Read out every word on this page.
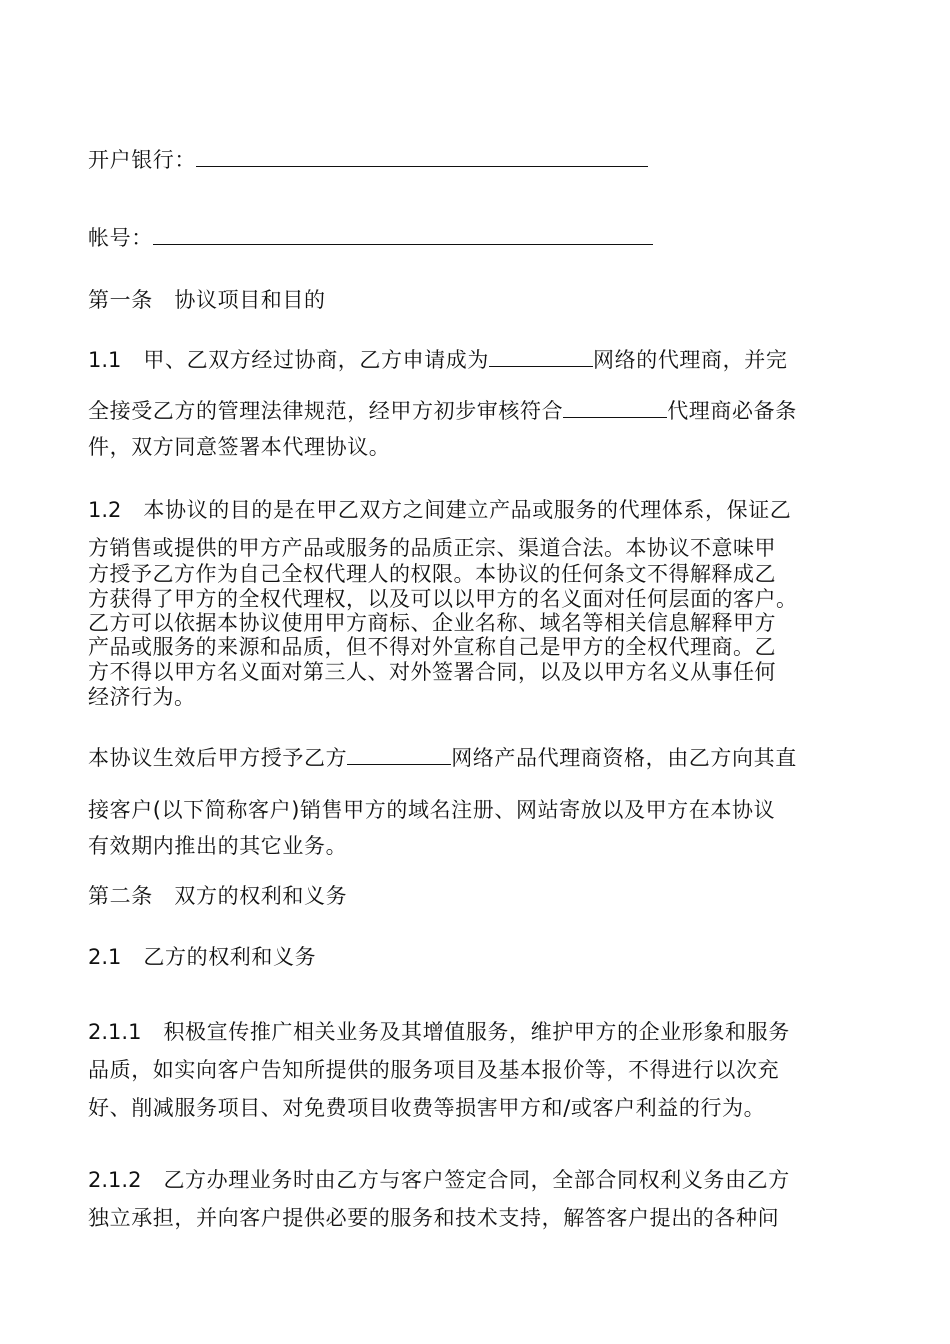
开户银行：
帐号：
第一条　协议项目和目的
1.1 甲、乙双方经过协商，乙方申请成为	网络的代理商，并完
全接受乙方的管理法律规范，经甲方初步审核符合	代理商必备条
件，双方同意签署本代理协议。
1.2 本协议的目的是在甲乙双方之间建立产品或服务的代理体系，保证乙
方销售或提供的甲方产品或服务的品质正宗、渠道合法。本协议不意味甲
方授予乙方作为自己全权代理人的权限。本协议的任何条文不得解释成乙
方获得了甲方的全权代理权，以及可以以甲方的名义面对任何层面的客户。
乙方可以依据本协议使用甲方商标、企业名称、域名等相关信息解释甲方
产品或服务的来源和品质，但不得对外宣称自己是甲方的全权代理商。乙
方不得以甲方名义面对第三人、对外签署合同，以及以甲方名义从事任何
经济行为。
本协议生效后甲方授予乙方	网络产品代理商资格，由乙方向其直
接客户(以下简称客户)销售甲方的域名注册、网站寄放以及甲方在本协议
有效期内推出的其它业务。
第二条　双方的权利和义务
2.1 乙方的权利和义务
2.1.1 积极宣传推广相关业务及其增值服务，维护甲方的企业形象和服务
品质，如实向客户告知所提供的服务项目及基本报价等，不得进行以次充
好、削减服务项目、对免费项目收费等损害甲方和/或客户利益的行为。
2.1.2 乙方办理业务时由乙方与客户签定合同，全部合同权利义务由乙方
独立承担，并向客户提供必要的服务和技术支持，解答客户提出的各种问
